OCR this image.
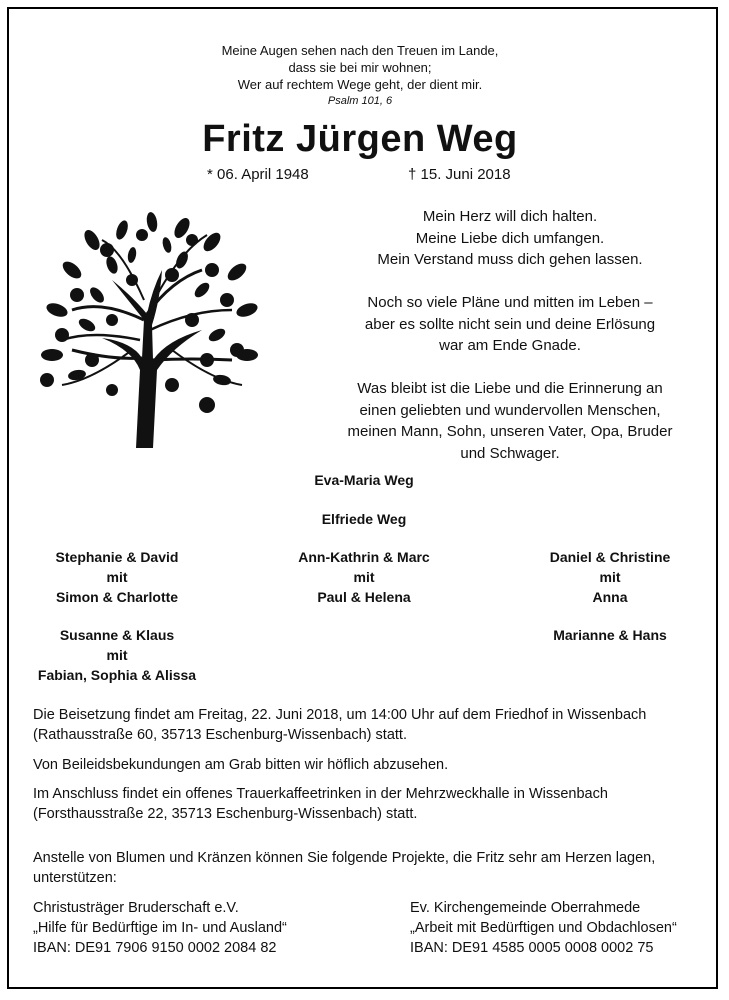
Meine Augen sehen nach den Treuen im Lande,
dass sie bei mir wohnen;
Wer auf rechtem Wege geht, der dient mir.
Psalm 101, 6
Fritz Jürgen Weg
* 06. April 1948	† 15. Juni 2018
Mein Herz will dich halten.
Meine Liebe dich umfangen.
Mein Verstand muss dich gehen lassen.
Noch so viele Pläne und mitten im Leben –
aber es sollte nicht sein und deine Erlösung
war am Ende Gnade.
Was bleibt ist die Liebe und die Erinnerung an
einen geliebten und wundervollen Menschen,
meinen Mann, Sohn, unseren Vater, Opa, Bruder
und Schwager.
Eva-Maria Weg
Elfriede Weg
Stephanie & David
mit
Simon & Charlotte
Ann-Kathrin & Marc
mit
Paul & Helena
Daniel & Christine
mit
Anna
Susanne & Klaus
mit
Fabian, Sophia & Alissa
Marianne & Hans
Die Beisetzung findet am Freitag, 22. Juni 2018, um 14:00 Uhr auf dem Friedhof in Wissenbach
(Rathausstraße 60, 35713 Eschenburg-Wissenbach) statt.
Von Beileidsbekundungen am Grab bitten wir höflich abzusehen.
Im Anschluss findet ein offenes Trauerkaffeetrinken in der Mehrzweckhalle in Wissenbach
(Forsthausstraße 22, 35713 Eschenburg-Wissenbach) statt.
Anstelle von Blumen und Kränzen können Sie folgende Projekte, die Fritz sehr am Herzen lagen,
unterstützen:
Christusträger Bruderschaft e.V.
„Hilfe für Bedürftige im In- und Ausland“
IBAN: DE91 7906 9150 0002 2084 82
Ev. Kirchengemeinde Oberrahmede
„Arbeit mit Bedürftigen und Obdachlosen“
IBAN: DE91 4585 0005 0008 0002 75
